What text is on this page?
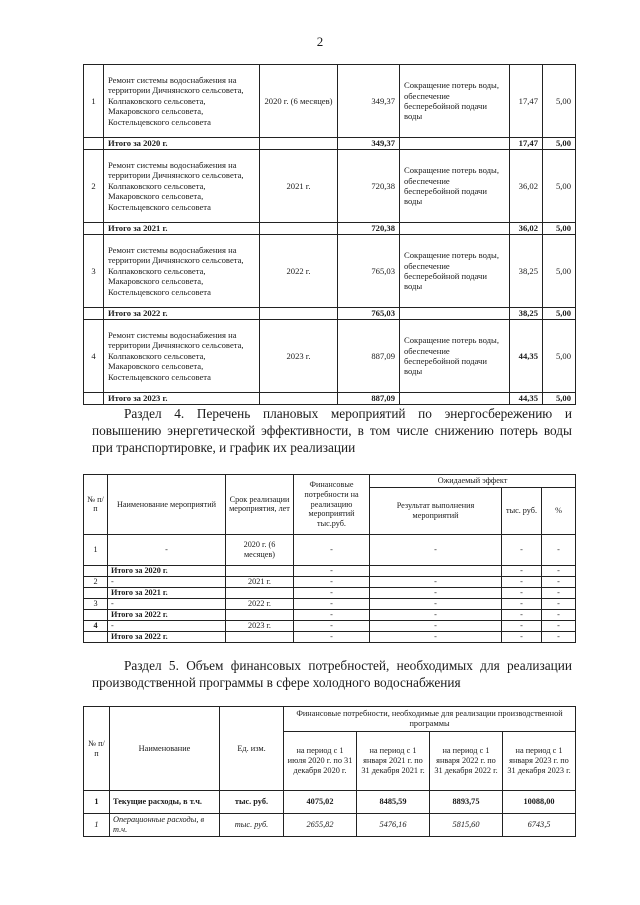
2
1	Ремонт системы водоснабжения на территории Дичнянского сельсовета, Колпаковского сельсовета, Макаровского сельсовета, Костельцевского сельсовета	2020 г. (6 месяцев)	349,37	Сокращение потерь воды, обеспечение бесперебойной подачи воды	17,47	5,00
	Итого за 2020 г.		349,37		17,47	5,00
2	Ремонт системы водоснабжения на территории Дичнянского сельсовета, Колпаковского сельсовета, Макаровского сельсовета, Костельцевского сельсовета	2021 г.	720,38	Сокращение потерь воды, обеспечение бесперебойной подачи воды	36,02	5,00
	Итого за 2021 г.		720,38		36,02	5,00
3	Ремонт системы водоснабжения на территории Дичнянского сельсовета, Колпаковского сельсовета, Макаровского сельсовета, Костельцевского сельсовета	2022 г.	765,03	Сокращение потерь воды, обеспечение бесперебойной подачи воды	38,25	5,00
	Итого за 2022 г.		765,03		38,25	5,00
4	Ремонт системы водоснабжения на территории Дичнянского сельсовета, Колпаковского сельсовета, Макаровского сельсовета, Костельцевского сельсовета	2023 г.	887,09	Сокращение потерь воды, обеспечение бесперебойной подачи воды	44,35	5,00
	Итого за 2023 г.		887,09		44,35	5,00
Раздел 4. Перечень плановых мероприятий по энергосбережению и повышению энергетической эффективности, в том числе снижению потерь воды при транспортировке, и график их реализации
№ п/п	Наименование мероприятий	Срок реализации мероприятия, лет	Финансовые потребности на реализацию мероприятий тыс.руб.	Ожидаемый эффект		
				Результат выполнения мероприятий	тыс. руб.	%
1	-	2020 г. (6 месяцев)	-	-	-	-
	Итого за 2020 г.		-		-	-
2	-	2021 г.	-	-	-	-
	Итого за 2021 г.		-	-	-	-
3	-	2022 г.	-	-	-	-
	Итого за 2022 г.		-	-	-	-
4	-	2023 г.	-	-	-	-
	Итого за 2022 г.		-	-	-	-
Раздел 5. Объем финансовых потребностей, необходимых для реализации производственной программы в сфере холодного водоснабжения
№ п/п	Наименование	Ед. изм.	Финансовые потребности, необходимые для реализации производственной программы			
			на период с 1 июля 2020 г. по 31 декабря 2020 г.	на период с 1 января 2021 г. по 31 декабря 2021 г.	на период с 1 января 2022 г. по 31 декабря 2022 г.	на период с 1 января 2023 г. по 31 декабря 2023 г.
1	Текущие расходы, в т.ч.	тыс. руб.	4075,02	8485,59	8893,75	10088,00
1	Операционные расходы, в т.ч.	тыс. руб.	2655,82	5476,16	5815,60	6743,5
